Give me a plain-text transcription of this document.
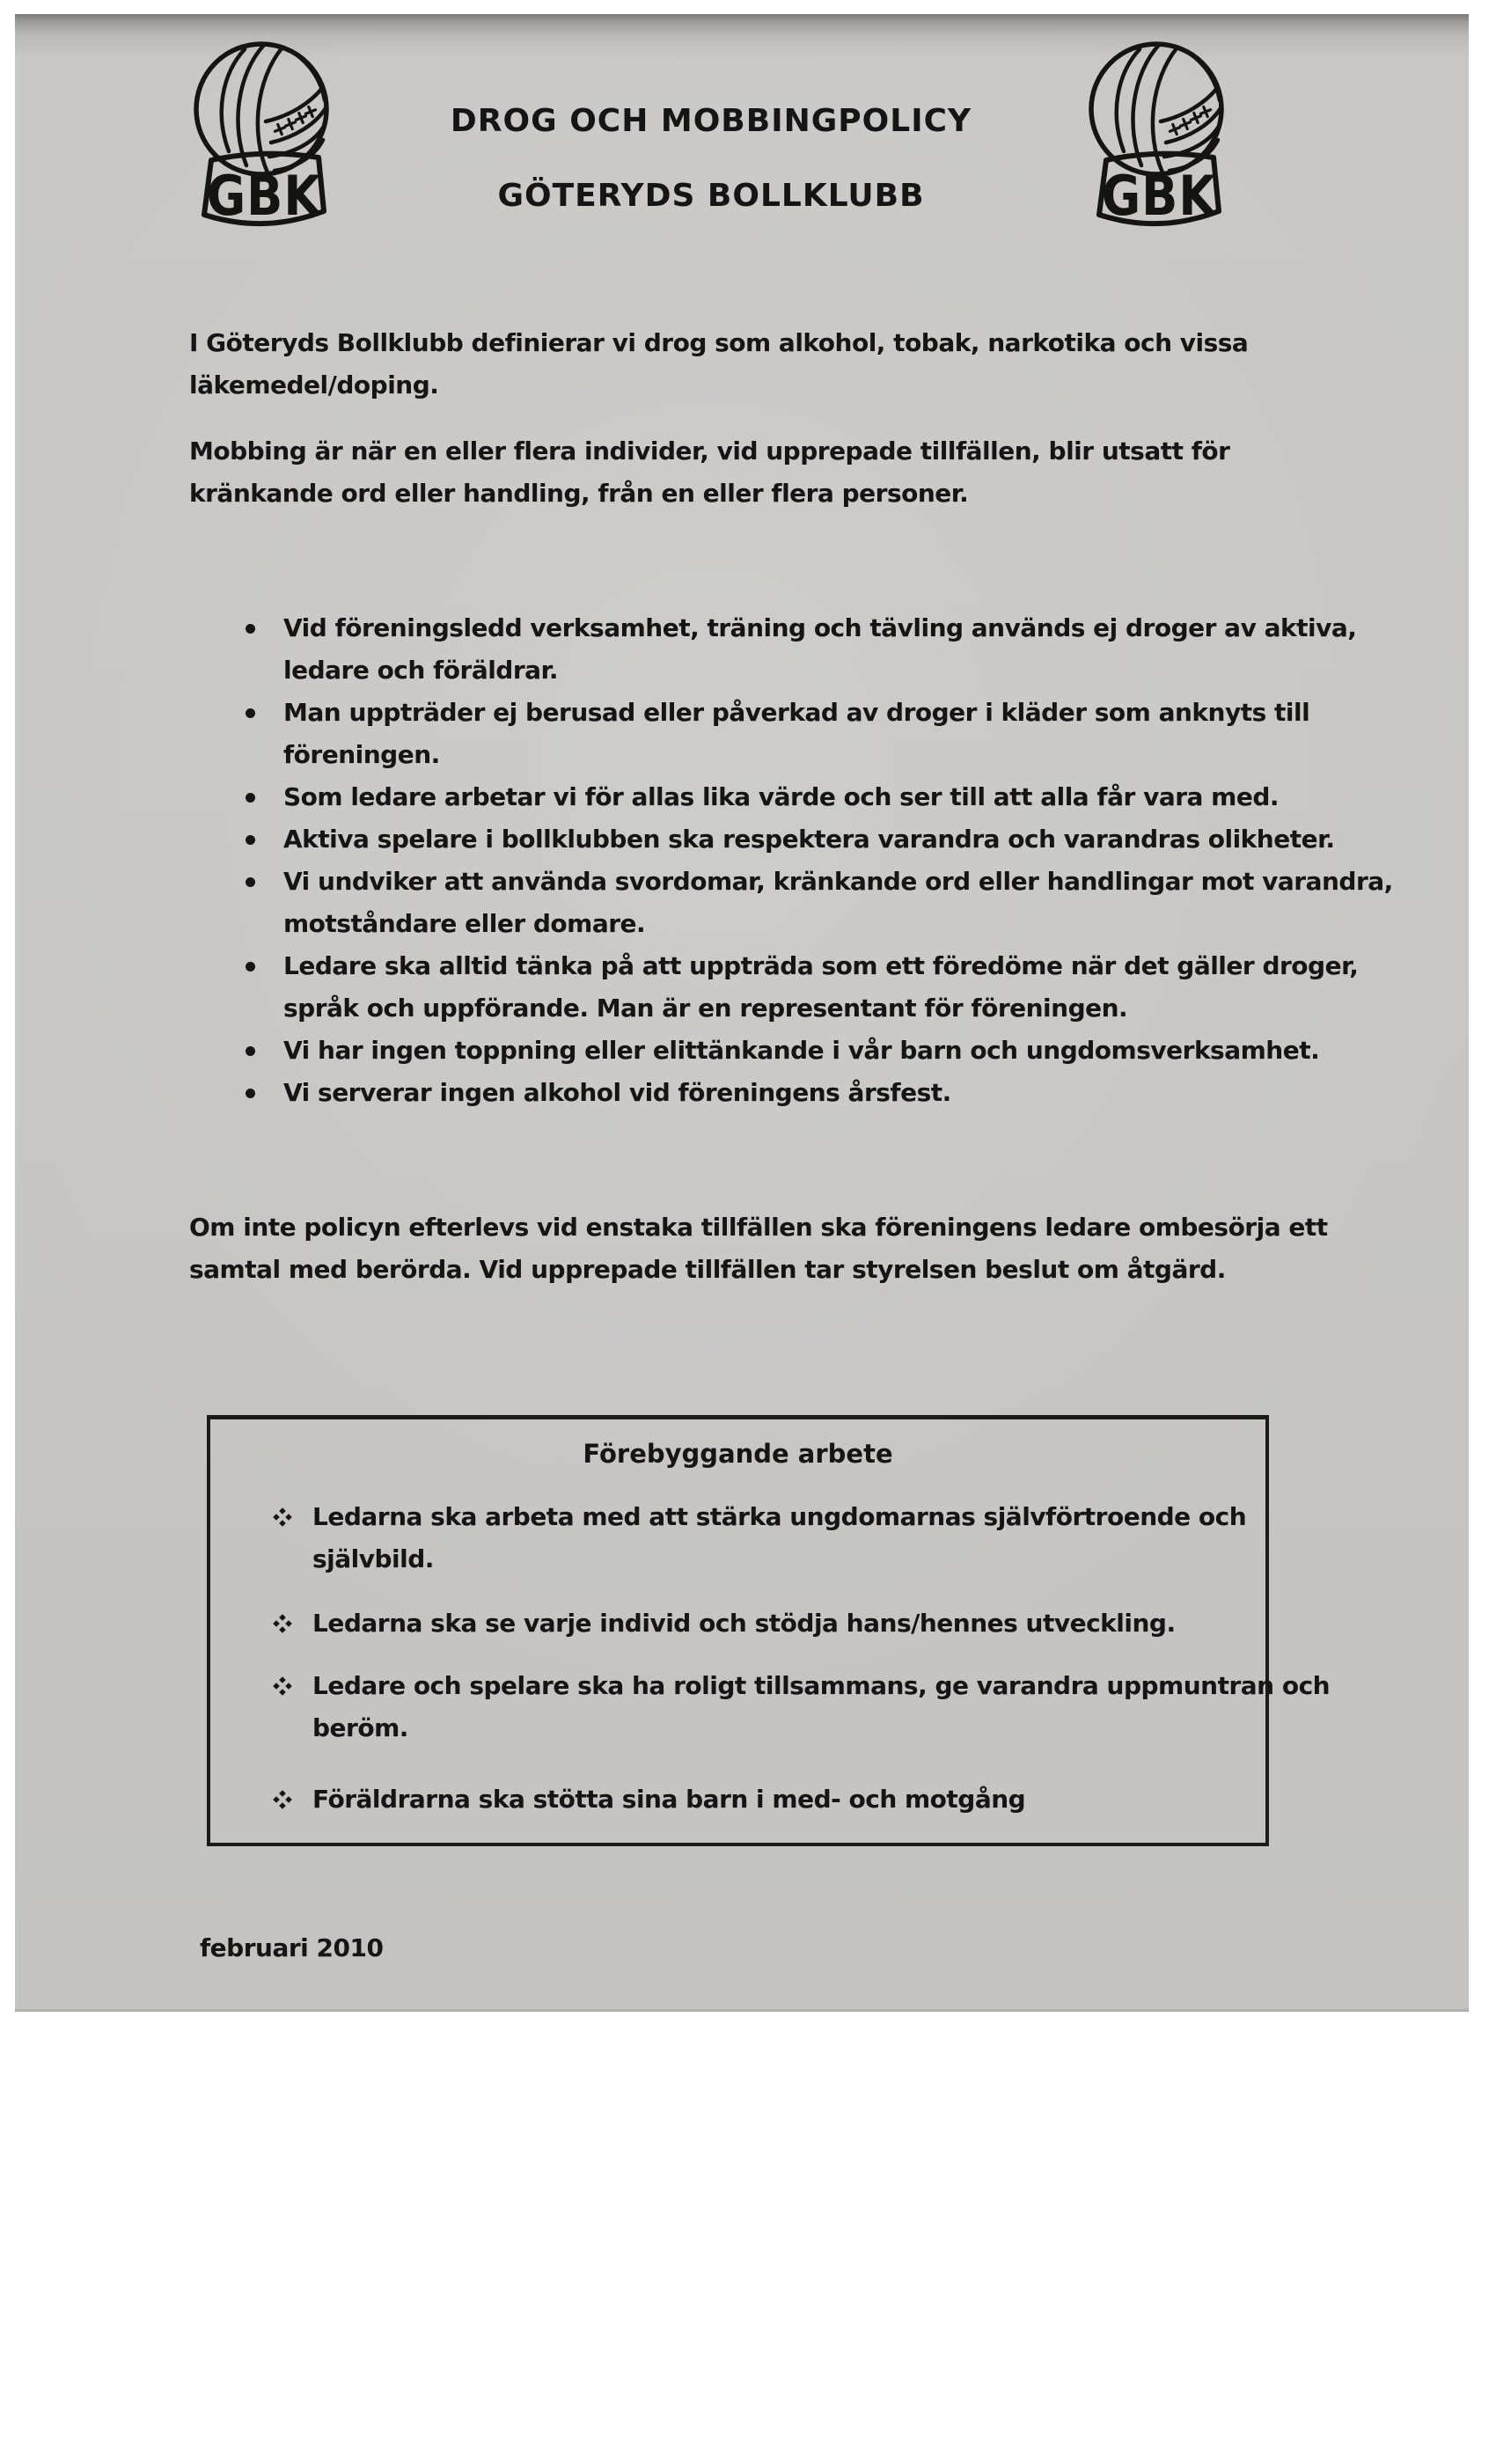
DROG OCH MOBBINGPOLICY
GÖTERYDS BOLLKLUBB
I Göteryds Bollklubb definierar vi drog som alkohol, tobak, narkotika och vissa
läkemedel/doping.
Mobbing är när en eller flera individer, vid upprepade tillfällen, blir utsatt för
kränkande ord eller handling, från en eller flera personer.
Vid föreningsledd verksamhet, träning och tävling används ej droger av aktiva,
ledare och föräldrar.
Man uppträder ej berusad eller påverkad av droger i kläder som anknyts till
föreningen.
Som ledare arbetar vi för allas lika värde och ser till att alla får vara med.
Aktiva spelare i bollklubben ska respektera varandra och varandras olikheter.
Vi undviker att använda svordomar, kränkande ord eller handlingar mot varandra,
motståndare eller domare.
Ledare ska alltid tänka på att uppträda som ett föredöme när det gäller droger,
språk och uppförande. Man är en representant för föreningen.
Vi har ingen toppning eller elittänkande i vår barn och ungdomsverksamhet.
Vi serverar ingen alkohol vid föreningens årsfest.
Om inte policyn efterlevs vid enstaka tillfällen ska föreningens ledare ombesörja ett
samtal med berörda. Vid upprepade tillfällen tar styrelsen beslut om åtgärd.
Förebyggande arbete
Ledarna ska arbeta med att stärka ungdomarnas självförtroende och
självbild.
Ledarna ska se varje individ och stödja hans/hennes utveckling.
Ledare och spelare ska ha roligt tillsammans, ge varandra uppmuntran och
beröm.
Föräldrarna ska stötta sina barn i med- och motgång
februari 2010
